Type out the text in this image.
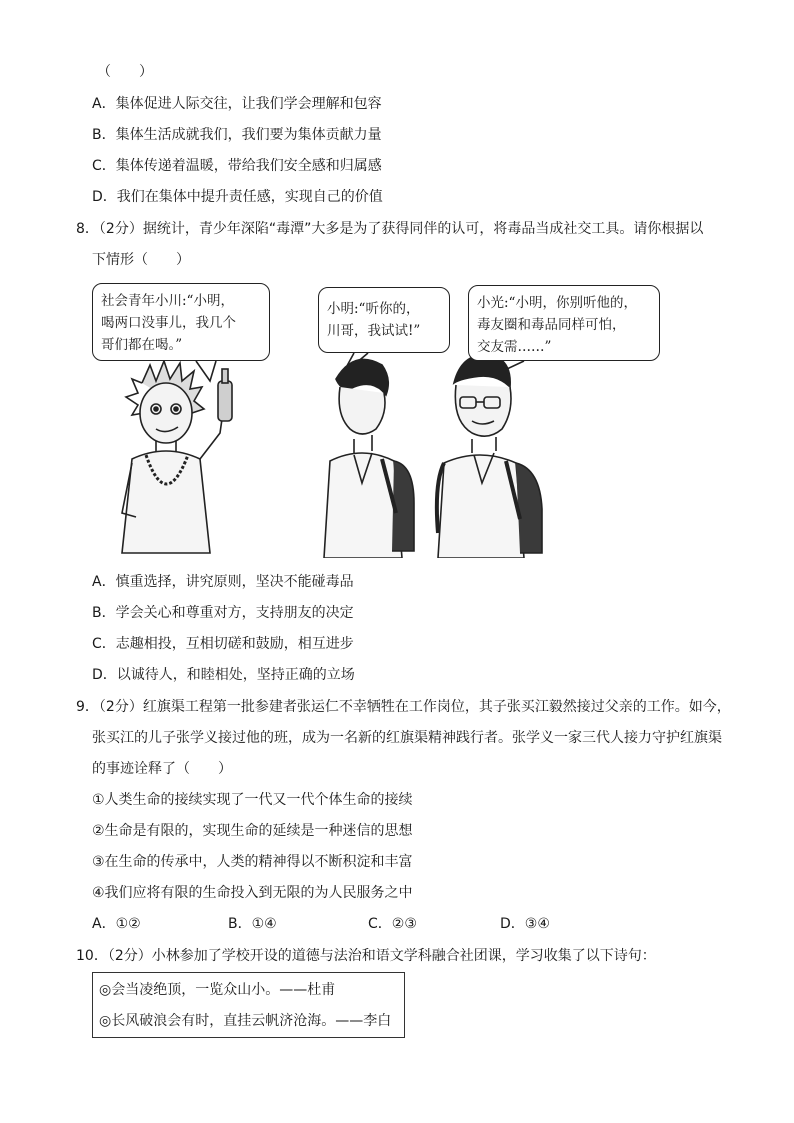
（　　）
A．集体促进人际交往，让我们学会理解和包容
B．集体生活成就我们，我们要为集体贡献力量
C．集体传递着温暖，带给我们安全感和归属感
D．我们在集体中提升责任感，实现自己的价值
8．（2分）据统计，青少年深陷“毒潭”大多是为了获得同伴的认可，将毒品当成社交工具。请你根据以
下情形（　　）
社会青年小川:“小明，
喝两口没事儿，我几个
哥们都在喝。”
小明:“听你的，
川哥，我试试!”
小光:“小明，你别听他的，
毒友圈和毒品同样可怕，
交友需……”
A．慎重选择，讲究原则，坚决不能碰毒品
B．学会关心和尊重对方，支持朋友的决定
C．志趣相投，互相切磋和鼓励，相互进步
D．以诚待人，和睦相处，坚持正确的立场
9．（2分）红旗渠工程第一批参建者张运仁不幸牺牲在工作岗位，其子张买江毅然接过父亲的工作。如今，
张买江的儿子张学义接过他的班，成为一名新的红旗渠精神践行者。张学义一家三代人接力守护红旗渠
的事迹诠释了（　　）
①人类生命的接续实现了一代又一代个体生命的接续
②生命是有限的，实现生命的延续是一种迷信的思想
③在生命的传承中，人类的精神得以不断积淀和丰富
④我们应将有限的生命投入到无限的为人民服务之中
A．①②	B．①④	C．②③	D．③④
10．（2分）小林参加了学校开设的道德与法治和语文学科融合社团课，学习收集了以下诗句：
◎会当凌绝顶，一览众山小。——杜甫
◎长风破浪会有时，直挂云帆济沧海。——李白
